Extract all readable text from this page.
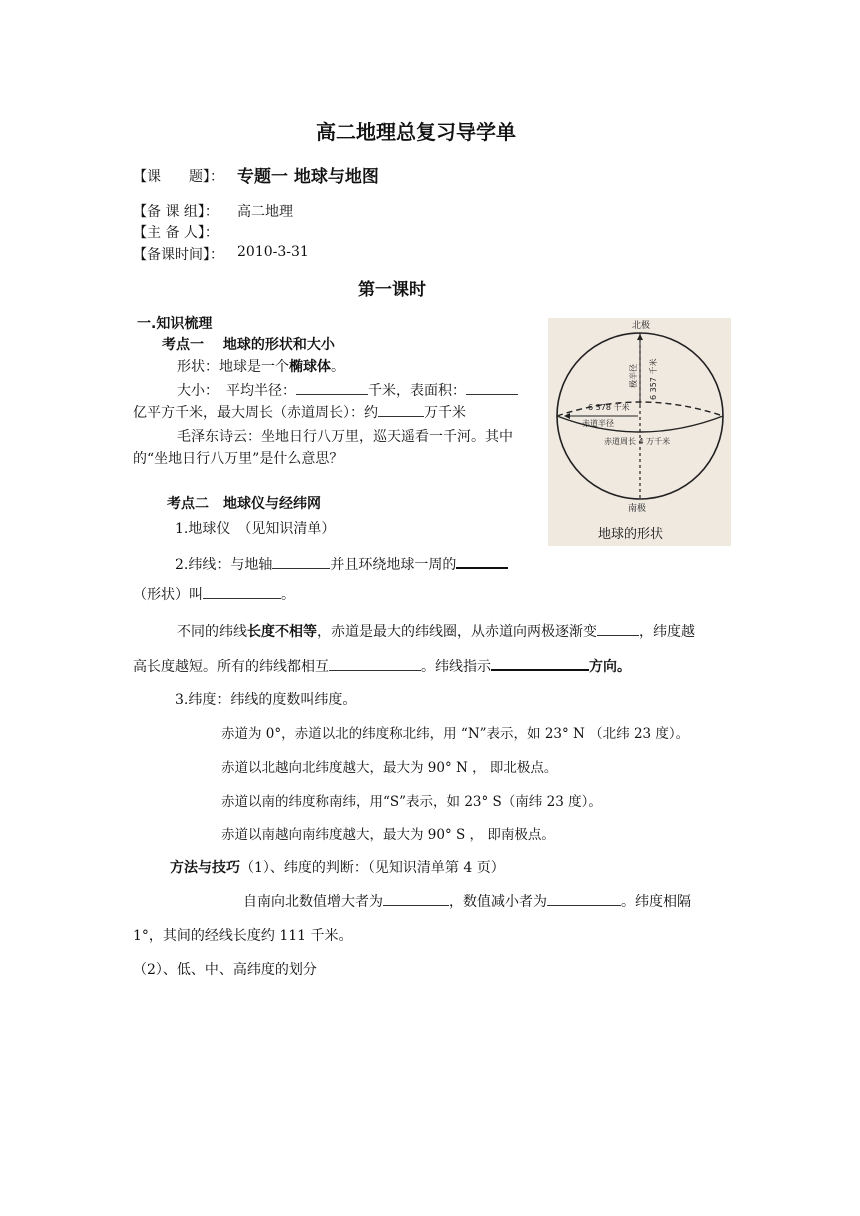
高二地理总复习导学单
【课　　题】： 专题一 地球与地图
【备 课 组】： 高二地理
【主 备 人】：
【备课时间】： 2010-3-31
第一课时
一.知识梳理
考点一　 地球的形状和大小
形状：地球是一个椭球体。
大小：　平均半径：	千米，表面积：
亿平方千米，最大周长（赤道周长）：约	万千米
毛泽东诗云：坐地日行八万里，巡天遥看一千河。其中
的“坐地日行八万里”是什么意思？
北极
南极
极半径 6 357 千米
6 378 千米
赤道半径
赤道周长 4 万千米
地球的形状
考点二　地球仪与经纬网
1.地球仪　（见知识清单）
2.纬线：与地轴	并且环绕地球一周的
（形状）叫	。
不同的纬线长度不相等，赤道是最大的纬线圈，从赤道向两极逐渐变	，纬度越
高长度越短。所有的纬线都相互	。纬线指示	方向。
3.纬度：纬线的度数叫纬度。
赤道为 0°，赤道以北的纬度称北纬，用 “N”表示，如 23° N （北纬 23 度）。
赤道以北越向北纬度越大，最大为 90° N ， 即北极点。
赤道以南的纬度称南纬，用“S”表示，如 23° S（南纬 23 度）。
赤道以南越向南纬度越大，最大为 90° S ， 即南极点。
方法与技巧（1）、纬度的判断：（见知识清单第 4 页）
自南向北数值增大者为	，数值减小者为	。纬度相隔
1°，其间的经线长度约 111 千米。
（2）、低、中、高纬度的划分
